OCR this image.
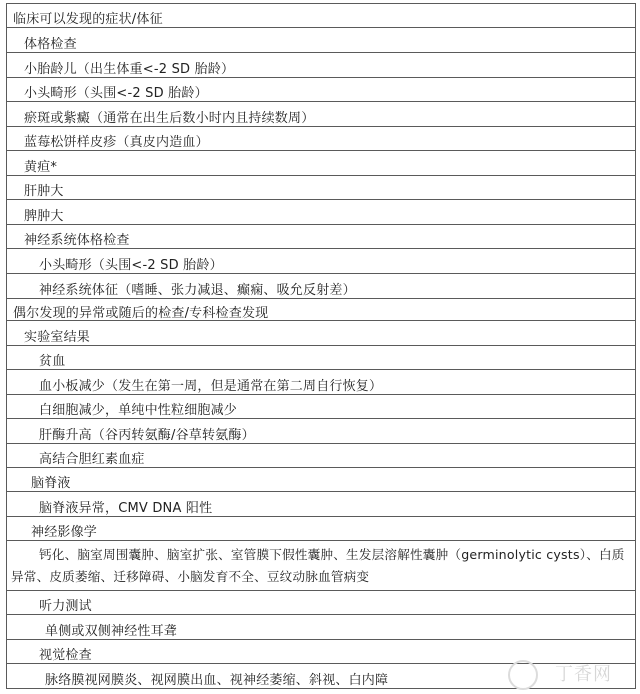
临床可以发现的症状/体征
体格检查
小胎龄儿（出生体重<-2 SD 胎龄）
小头畸形（头围<-2 SD 胎龄）
瘀斑或紫癜（通常在出生后数小时内且持续数周）
蓝莓松饼样皮疹（真皮内造血）
黄疸*
肝肿大
脾肿大
神经系统体格检查
小头畸形（头围<-2 SD 胎龄）
神经系统体征（嗜睡、张力减退、癫痫、吸允反射差）
偶尔发现的异常或随后的检查/专科检查发现
实验室结果
贫血
血小板减少（发生在第一周，但是通常在第二周自行恢复）
白细胞减少，单纯中性粒细胞减少
肝酶升高（谷丙转氨酶/谷草转氨酶）
高结合胆红素血症
脑脊液
脑脊液异常，CMV DNA 阳性
神经影像学
钙化、脑室周围囊肿、脑室扩张、室管膜下假性囊肿、生发层溶解性囊肿（germinolytic cysts）、白质异常、皮质萎缩、迁移障碍、小脑发育不全、豆纹动脉血管病变
听力测试
单侧或双侧神经性耳聋
视觉检查
脉络膜视网膜炎、视网膜出血、视神经萎缩、斜视、白内障	丁香网
